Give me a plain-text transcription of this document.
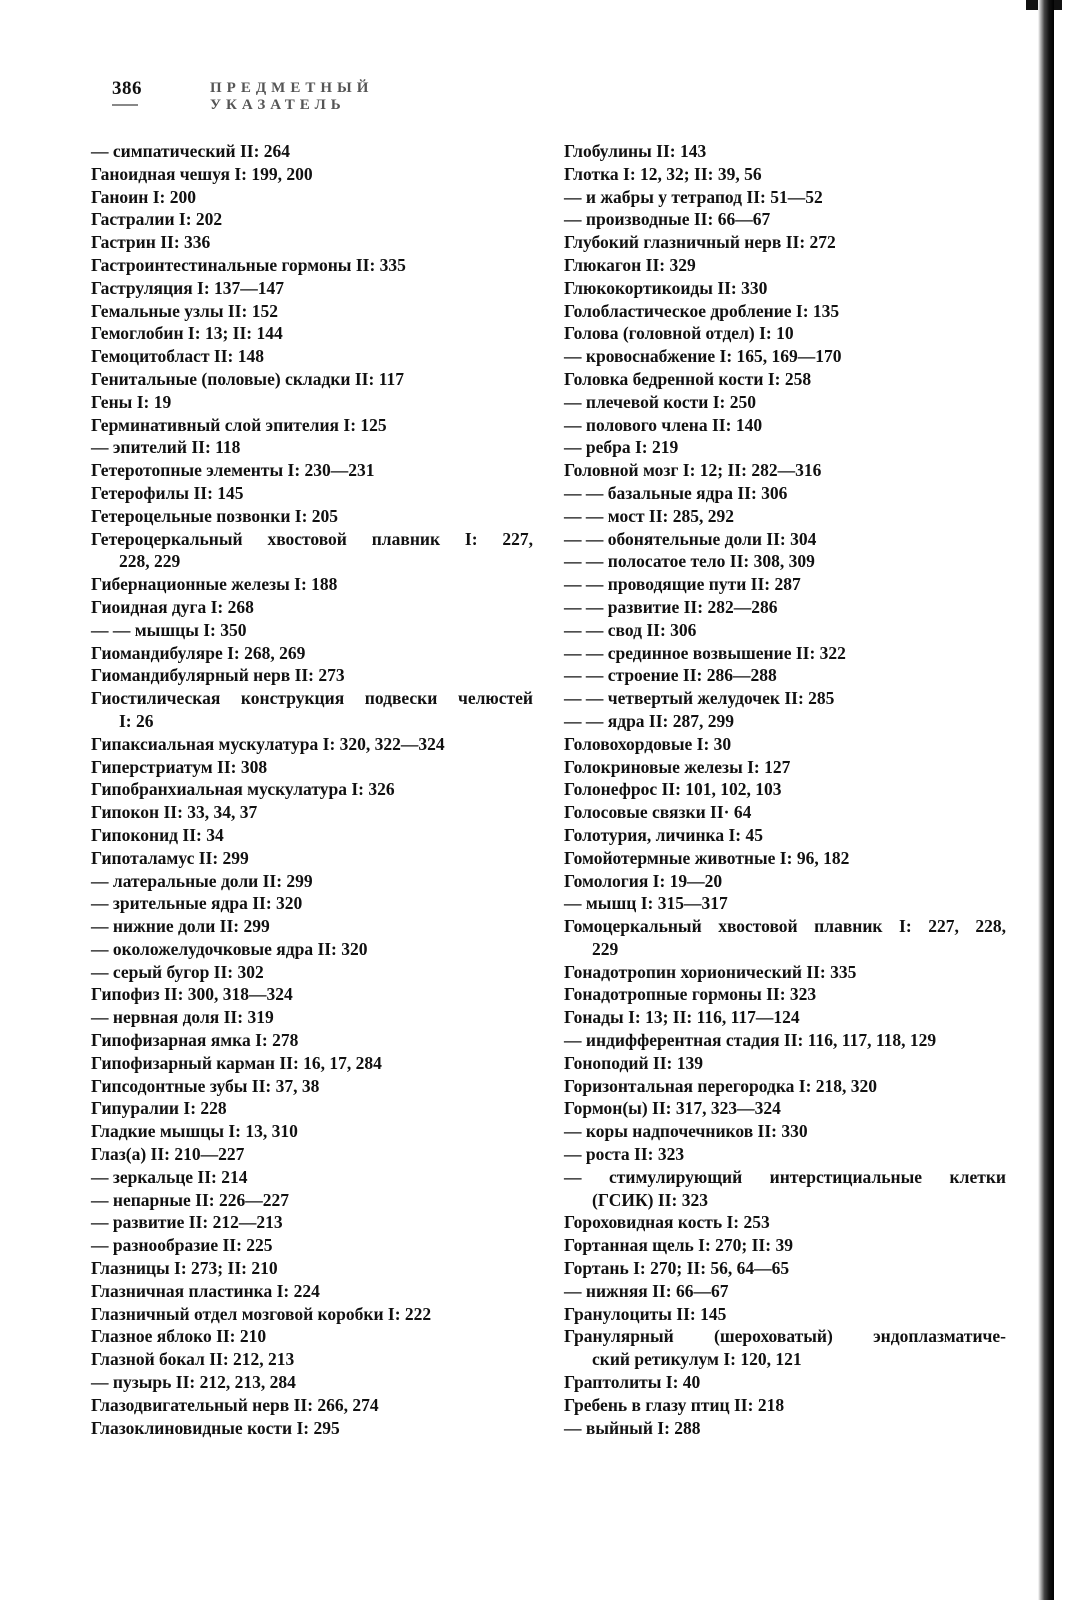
386	ПРЕДМЕТНЫЙ УКАЗАТЕЛЬ
— симпатический II: 264
Ганоидная чешуя I: 199, 200
Ганоин I: 200
Гастралии I: 202
Гастрин II: 336
Гастроинтестинальные гормоны II: 335
Гаструляция I: 137—147
Гемальные узлы II: 152
Гемоглобин I: 13; II: 144
Гемоцитобласт II: 148
Генитальные (половые) складки II: 117
Гены I: 19
Герминативный слой эпителия I: 125
— эпителий II: 118
Гетеротопные элементы I: 230—231
Гетерофилы II: 145
Гетероцельные позвонки I: 205
Гетероцеркальный хвостовой плавник I: 227,
228, 229
Гибернационные железы I: 188
Гиоидная дуга I: 268
— — мышцы I: 350
Гиомандибуляре I: 268, 269
Гиомандибулярный нерв II: 273
Гиостилическая конструкция подвески челюстей
I: 26
Гипаксиальная мускулатура I: 320, 322—324
Гиперстриатум II: 308
Гипобранхиальная мускулатура I: 326
Гипокон II: 33, 34, 37
Гипоконид II: 34
Гипоталамус II: 299
— латеральные доли II: 299
— зрительные ядра II: 320
— нижние доли II: 299
— околожелудочковые ядра II: 320
— серый бугор II: 302
Гипофиз II: 300, 318—324
— нервная доля II: 319
Гипофизарная ямка I: 278
Гипофизарный карман II: 16, 17, 284
Гипсодонтные зубы II: 37, 38
Гипуралии I: 228
Гладкие мышцы I: 13, 310
Глаз(а) II: 210—227
— зеркальце II: 214
— непарные II: 226—227
— развитие II: 212—213
— разнообразие II: 225
Глазницы I: 273; II: 210
Глазничная пластинка I: 224
Глазничный отдел мозговой коробки I: 222
Глазное яблоко II: 210
Глазной бокал II: 212, 213
— пузырь II: 212, 213, 284
Глазодвигательный нерв II: 266, 274
Глазоклиновидные кости I: 295
Глобулины II: 143
Глотка I: 12, 32; II: 39, 56
— и жабры у тетрапод II: 51—52
— производные II: 66—67
Глубокий глазничный нерв II: 272
Глюкагон II: 329
Глюкокортикоиды II: 330
Голобластическое дробление I: 135
Голова (головной отдел) I: 10
— кровоснабжение I: 165, 169—170
Головка бедренной кости I: 258
— плечевой кости I: 250
— полового члена II: 140
— ребра I: 219
Головной мозг I: 12; II: 282—316
— — базальные ядра II: 306
— — мост II: 285, 292
— — обонятельные доли II: 304
— — полосатое тело II: 308, 309
— — проводящие пути II: 287
— — развитие II: 282—286
— — свод II: 306
— — срединное возвышение II: 322
— — строение II: 286—288
— — четвертый желудочек II: 285
— — ядра II: 287, 299
Головохордовые I: 30
Голокриновые железы I: 127
Голонефрос II: 101, 102, 103
Голосовые связки II· 64
Голотурия, личинка I: 45
Гомойотермные животные I: 96, 182
Гомология I: 19—20
— мышц I: 315—317
Гомоцеркальный хвостовой плавник I: 227, 228,
229
Гонадотропин хорионический II: 335
Гонадотропные гормоны II: 323
Гонады I: 13; II: 116, 117—124
— индифферентная стадия II: 116, 117, 118, 129
Гоноподий II: 139
Горизонтальная перегородка I: 218, 320
Гормон(ы) II: 317, 323—324
— коры надпочечников II: 330
— роста II: 323
— стимулирующий интерстициальные клетки
(ГСИК) II: 323
Гороховидная кость I: 253
Гортанная щель I: 270; II: 39
Гортань I: 270; II: 56, 64—65
— нижняя II: 66—67
Гранулоциты II: 145
Гранулярный (шероховатый) эндоплазматиче-
ский ретикулум I: 120, 121
Граптолиты I: 40
Гребень в глазу птиц II: 218
— выйный I: 288
